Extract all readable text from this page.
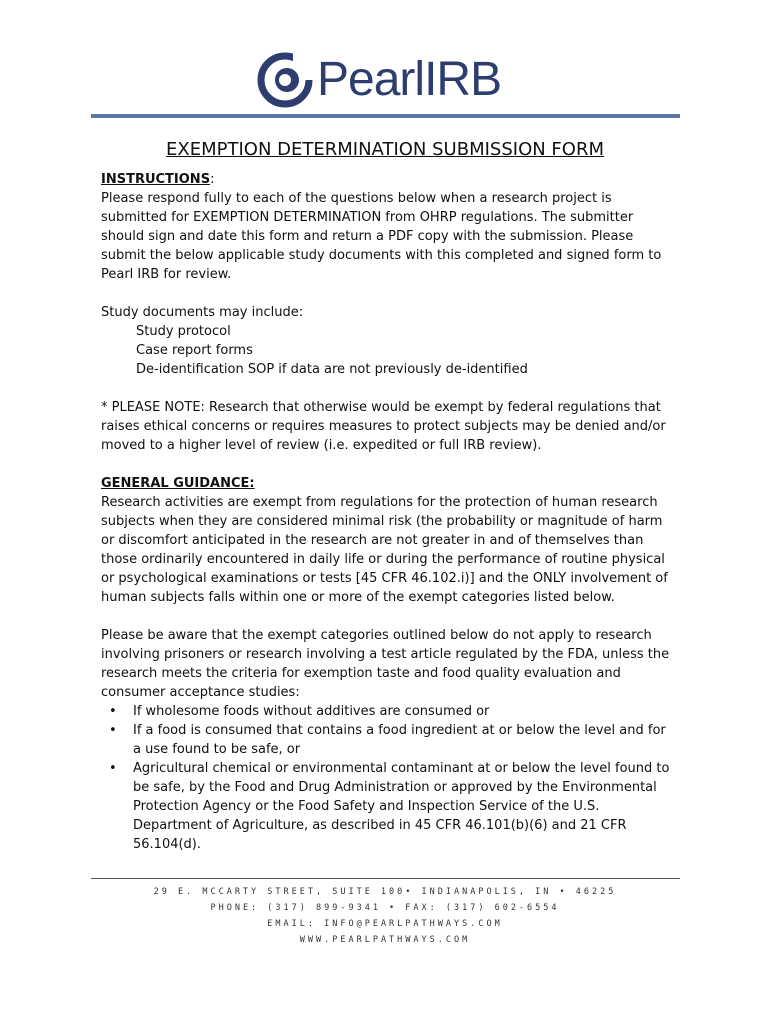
PearlIRB
EXEMPTION DETERMINATION SUBMISSION FORM

INSTRUCTIONS:

Please respond fully to each of the questions below when a research project is submitted for EXEMPTION DETERMINATION from OHRP regulations. The submitter should sign and date this form and return a PDF copy with the submission. Please submit the below applicable study documents with this completed and signed form to Pearl IRB for review.

Study documents may include:

Study protocol

Case report forms

De-identification SOP if data are not previously de-identified

* PLEASE NOTE: Research that otherwise would be exempt by federal regulations that raises ethical concerns or requires measures to protect subjects may be denied and/or moved to a higher level of review (i.e. expedited or full IRB review).

GENERAL GUIDANCE:

Research activities are exempt from regulations for the protection of human research subjects when they are considered minimal risk (the probability or magnitude of harm or discomfort anticipated in the research are not greater in and of themselves than those ordinarily encountered in daily life or during the performance of routine physical or psychological examinations or tests [45 CFR 46.102.i)] and the ONLY involvement of human subjects falls within one or more of the exempt categories listed below.

Please be aware that the exempt categories outlined below do not apply to research involving prisoners or research involving a test article regulated by the FDA, unless the research meets the criteria for exemption taste and food quality evaluation and consumer acceptance studies:

• If wholesome foods without additives are consumed or
• If a food is consumed that contains a food ingredient at or below the level and for a use found to be safe, or
• Agricultural chemical or environmental contaminant at or below the level found to be safe, by the Food and Drug Administration or approved by the Environmental Protection Agency or the Food Safety and Inspection Service of the U.S. Department of Agriculture, as described in 45 CFR 46.101(b)(6) and 21 CFR 56.104(d).
29 E. MCCARTY STREET, SUITE 100• INDIANAPOLIS, IN • 46225
PHONE: (317) 899-9341 • FAX: (317) 602-6554
EMAIL: INFO@PEARLPATHWAYS.COM
WWW.PEARLPATHWAYS.COM
